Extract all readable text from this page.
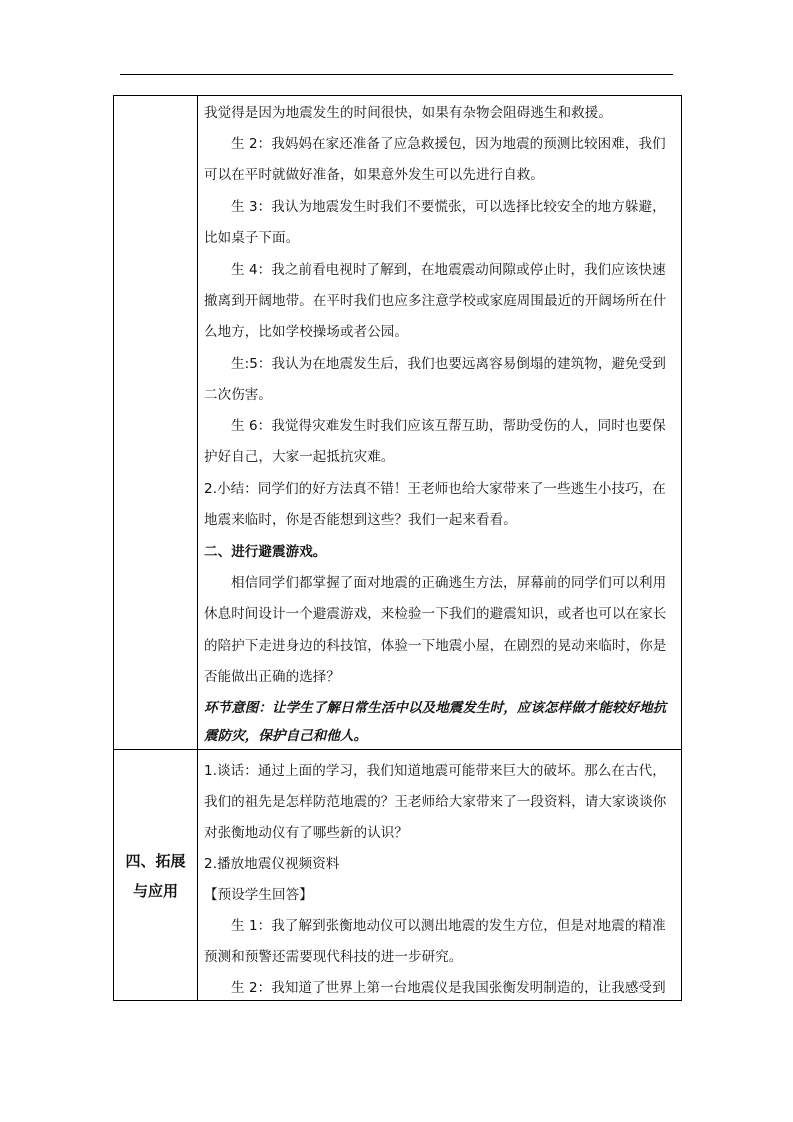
四、拓展
与应用
我觉得是因为地震发生的时间很快，如果有杂物会阻碍逃生和救援。
生 2：我妈妈在家还准备了应急救援包，因为地震的预测比较困难，我们
可以在平时就做好准备，如果意外发生可以先进行自救。
生 3：我认为地震发生时我们不要慌张，可以选择比较安全的地方躲避，
比如桌子下面。
生 4：我之前看电视时了解到，在地震震动间隙或停止时，我们应该快速
撤离到开阔地带。在平时我们也应多注意学校或家庭周围最近的开阔场所在什
么地方，比如学校操场或者公园。
生:5：我认为在地震发生后，我们也要远离容易倒塌的建筑物，避免受到
二次伤害。
生 6：我觉得灾难发生时我们应该互帮互助，帮助受伤的人，同时也要保
护好自己，大家一起抵抗灾难。
2.小结：同学们的好方法真不错！王老师也给大家带来了一些逃生小技巧，在
地震来临时，你是否能想到这些？我们一起来看看。
二、进行避震游戏。
相信同学们都掌握了面对地震的正确逃生方法，屏幕前的同学们可以利用
休息时间设计一个避震游戏，来检验一下我们的避震知识，或者也可以在家长
的陪护下走进身边的科技馆，体验一下地震小屋，在剧烈的晃动来临时，你是
否能做出正确的选择？
环节意图：让学生了解日常生活中以及地震发生时，应该怎样做才能较好地抗
震防灾，保护自己和他人。
1.谈话：通过上面的学习，我们知道地震可能带来巨大的破坏。那么在古代，
我们的祖先是怎样防范地震的？王老师给大家带来了一段资料，请大家谈谈你
对张衡地动仪有了哪些新的认识？
2.播放地震仪视频资料
【预设学生回答】
生 1：我了解到张衡地动仪可以测出地震的发生方位，但是对地震的精准
预测和预警还需要现代科技的进一步研究。
生 2：我知道了世界上第一台地震仪是我国张衡发明制造的，让我感受到
